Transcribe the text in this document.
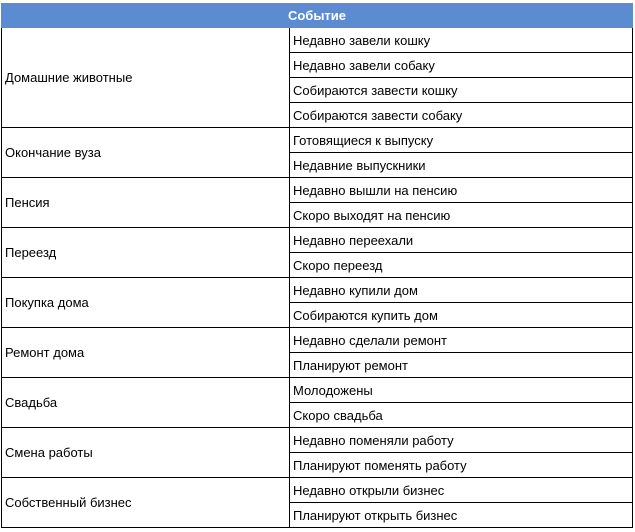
Событие	
Домашние животные	Недавно завели кошку
	Недавно завели собаку
	Собираются завести кошку
	Собираются завести собаку
Окончание вуза	Готовящиеся к выпуску
	Недавние выпускники
Пенсия	Недавно вышли на пенсию
	Скоро выходят на пенсию
Переезд	Недавно переехали
	Скоро переезд
Покупка дома	Недавно купили дом
	Собираются купить дом
Ремонт дома	Недавно сделали ремонт
	Планируют ремонт
Свадьба	Молодожены
	Скоро свадьба
Смена работы	Недавно поменяли работу
	Планируют поменять работу
Собственный бизнес	Недавно открыли бизнес
	Планируют открыть бизнес
